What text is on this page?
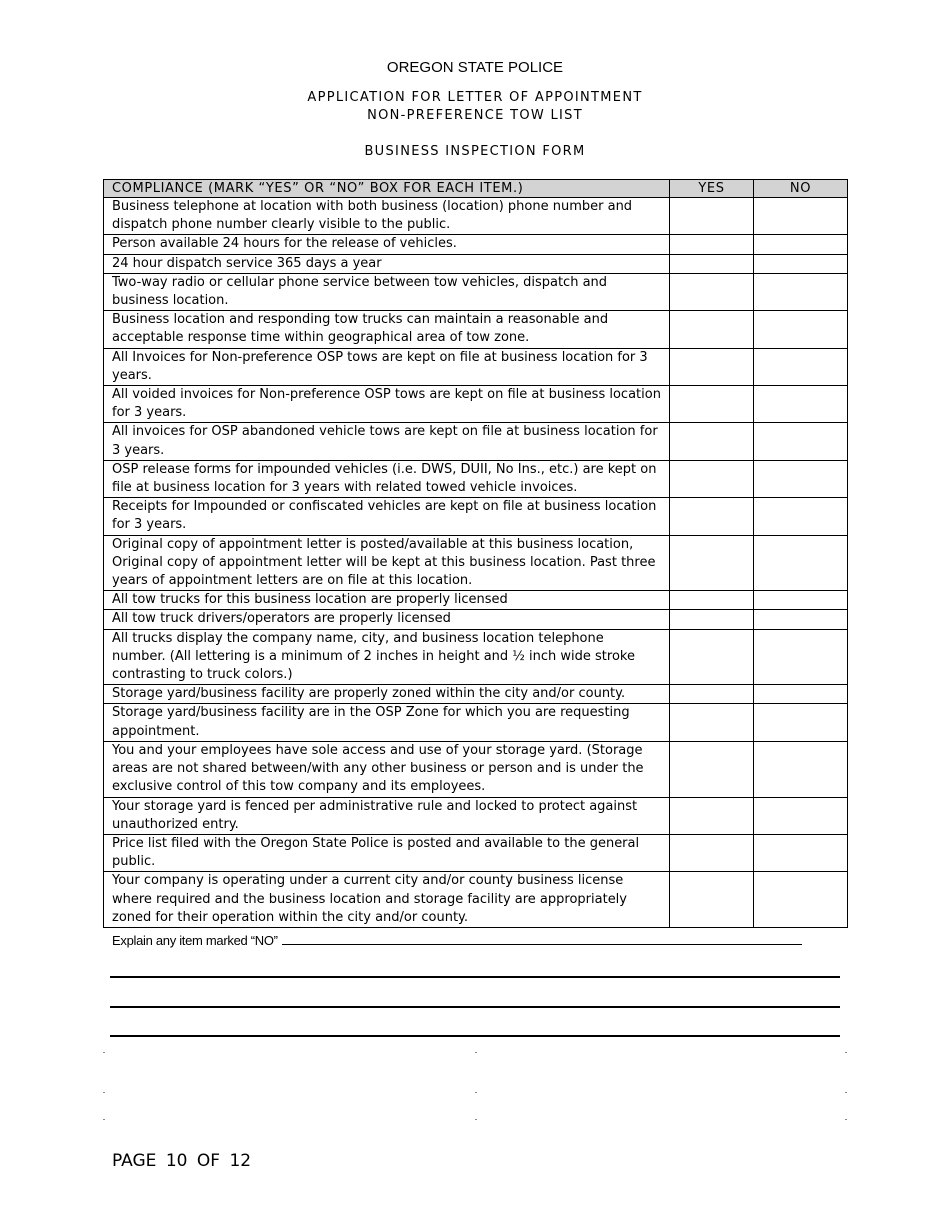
OREGON STATE POLICE
APPLICATION FOR LETTER OF APPOINTMENT
NON-PREFERENCE TOW LIST
BUSINESS INSPECTION FORM
COMPLIANCE (MARK “YES” OR “NO” BOX FOR EACH ITEM.)	YES	NO
Business telephone at location with both business (location) phone number and dispatch phone number clearly visible to the public.		
Person available 24 hours for the release of vehicles.		
24 hour dispatch service 365 days a year		
Two-way radio or cellular phone service between tow vehicles, dispatch and business location.		
Business location and responding tow trucks can maintain a reasonable and acceptable response time within geographical area of tow zone.		
All Invoices for Non-preference OSP tows are kept on file at business location for 3 years.		
All voided invoices for Non-preference OSP tows are kept on file at business location for 3 years.		
All invoices for OSP abandoned vehicle tows are kept on file at business location for 3 years.		
OSP release forms for impounded vehicles (i.e. DWS, DUII, No Ins., etc.) are kept on file at business location for 3 years with related towed vehicle invoices.		
Receipts for Impounded or confiscated vehicles are kept on file at business location for 3 years.		
Original copy of appointment letter is posted/available at this business location, Original copy of appointment letter will be kept at this business location. Past three years of appointment letters are on file at this location.		
All tow trucks for this business location are properly licensed		
All tow truck drivers/operators are properly licensed		
All trucks display the company name, city, and business location telephone number. (All lettering is a minimum of 2 inches in height and ½ inch wide stroke contrasting to truck colors.)		
Storage yard/business facility are properly zoned within the city and/or county.		
Storage yard/business facility are in the OSP Zone for which you are requesting appointment.		
You and your employees have sole access and use of your storage yard. (Storage areas are not shared between/with any other business or person and is under the exclusive control of this tow company and its employees.		
Your storage yard is fenced per administrative rule and locked to protect against unauthorized entry.		
Price list filed with the Oregon State Police is posted and available to the general public.		
Your company is operating under a current city and/or county business license where required and the business location and storage facility are appropriately zoned for their operation within the city and/or county.		
Explain any item marked “NO”
PAGE 10 OF 12
